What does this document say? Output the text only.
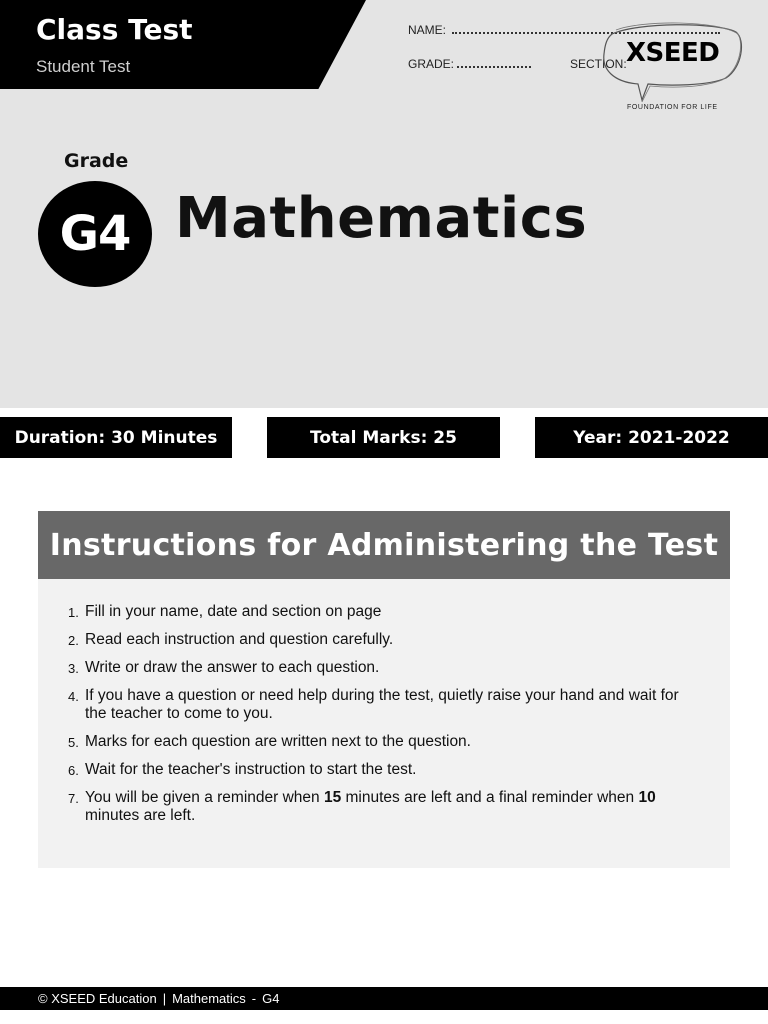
Class Test
Student Test
NAME:
GRADE:	SECTION: XSEED
FOUNDATION FOR LIFE
Grade
G4 Mathematics
Duration: 30 Minutes	Total Marks: 25	Year: 2021-2022
Instructions for Administering the Test
1. Fill in your name, date and section on page
2. Read each instruction and question carefully.
3. Write or draw the answer to each question.
4. If you have a question or need help during the test, quietly raise your hand and wait for the teacher to come to you.
5. Marks for each question are written next to the question.
6. Wait for the teacher's instruction to start the test.
7. You will be given a reminder when 15 minutes are left and a final reminder when 10 minutes are left.
© XSEED Education | Mathematics - G4
